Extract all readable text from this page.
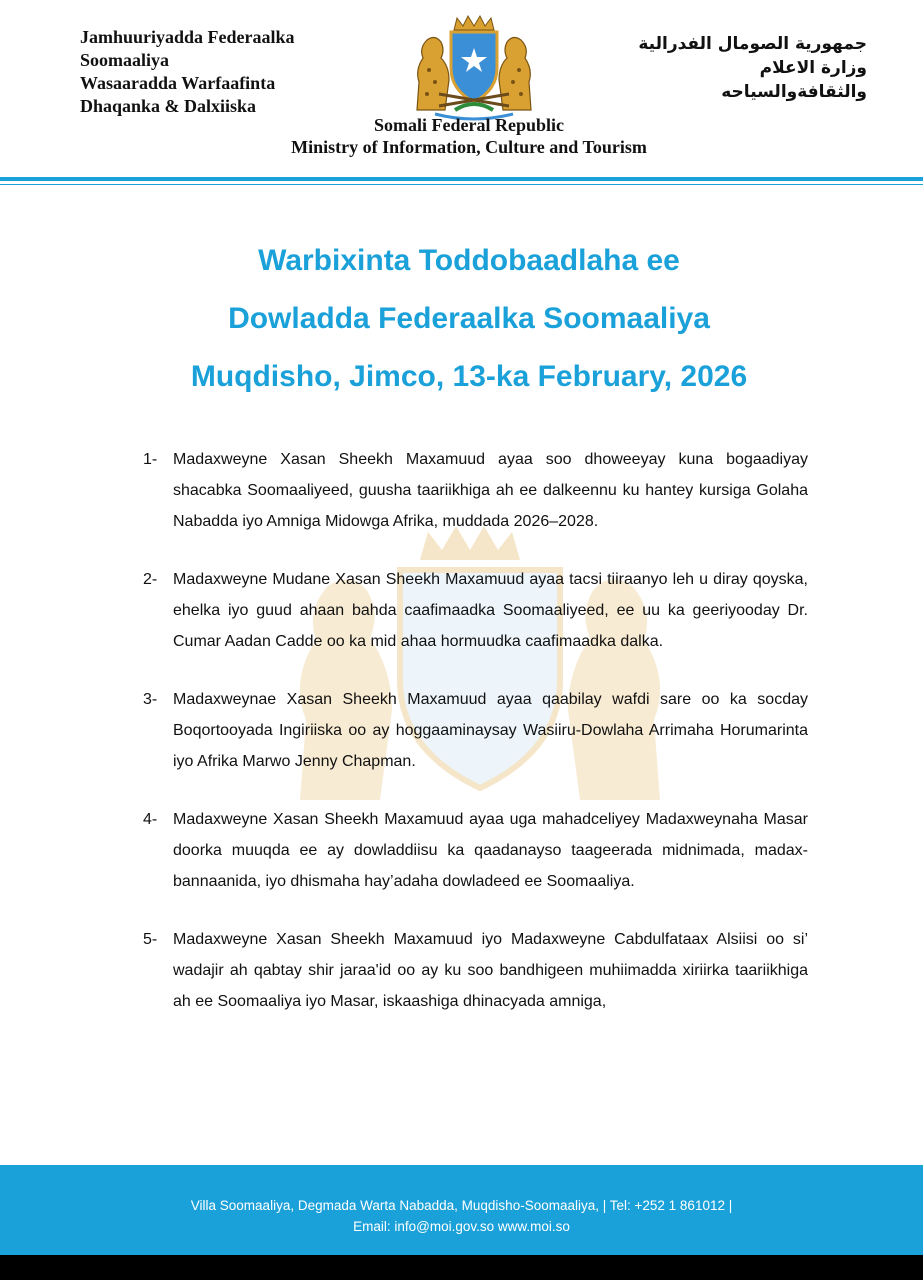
Jamhuuriyadda Federaalka
Soomaaliya
Wasaaradda Warfaafinta
Dhaqanka & Dalxiiska
جمهورية الصومال الفدرالية
وزارة الاعلام
والثقافةوالسياحه
Somali Federal Republic
Ministry of Information, Culture and Tourism
Warbixinta Toddobaadlaha ee
Dowladda Federaalka Soomaaliya
Muqdisho, Jimco, 13-ka February, 2026
1- Madaxweyne Xasan Sheekh Maxamuud ayaa soo dhoweeyay kuna bogaadiyay shacabka Soomaaliyeed, guusha taariikhiga ah ee dalkeennu ku hantey kursiga Golaha Nabadda iyo Amniga Midowga Afrika, muddada 2026–2028.
2- Madaxweyne Mudane Xasan Sheekh Maxamuud ayaa tacsi tiiraanyo leh u diray qoyska, ehelka iyo guud ahaan bahda caafimaadka Soomaaliyeed, ee uu ka geeriyooday Dr. Cumar Aadan Cadde oo ka mid ahaa hormuudka caafimaadka dalka.
3- Madaxweynae Xasan Sheekh Maxamuud ayaa qaabilay wafdi sare oo ka socday Boqortooyada Ingiriiska oo ay hoggaaminaysay Wasiiru-Dowlaha Arrimaha Horumarinta iyo Afrika Marwo Jenny Chapman.
4- Madaxweyne Xasan Sheekh Maxamuud ayaa uga mahadceliyey Madaxweynaha Masar doorka muuqda ee ay dowladdiisu ka qaadanayso taageerada midnimada, madax-bannaanida, iyo dhismaha hay’adaha dowladeed ee Soomaaliya.
5- Madaxweyne Xasan Sheekh Maxamuud iyo Madaxweyne Cabdulfataax Alsiisi oo si’ wadajir ah qabtay shir jaraa'id oo ay ku soo bandhigeen muhiimadda xiriirka taariikhiga ah ee Soomaaliya iyo Masar, iskaashiga dhinacyada amniga,
Villa Soomaaliya, Degmada Warta Nabadda, Muqdisho-Soomaaliya, | Tel: +252 1 861012 |
Email: info@moi.gov.so www.moi.so
